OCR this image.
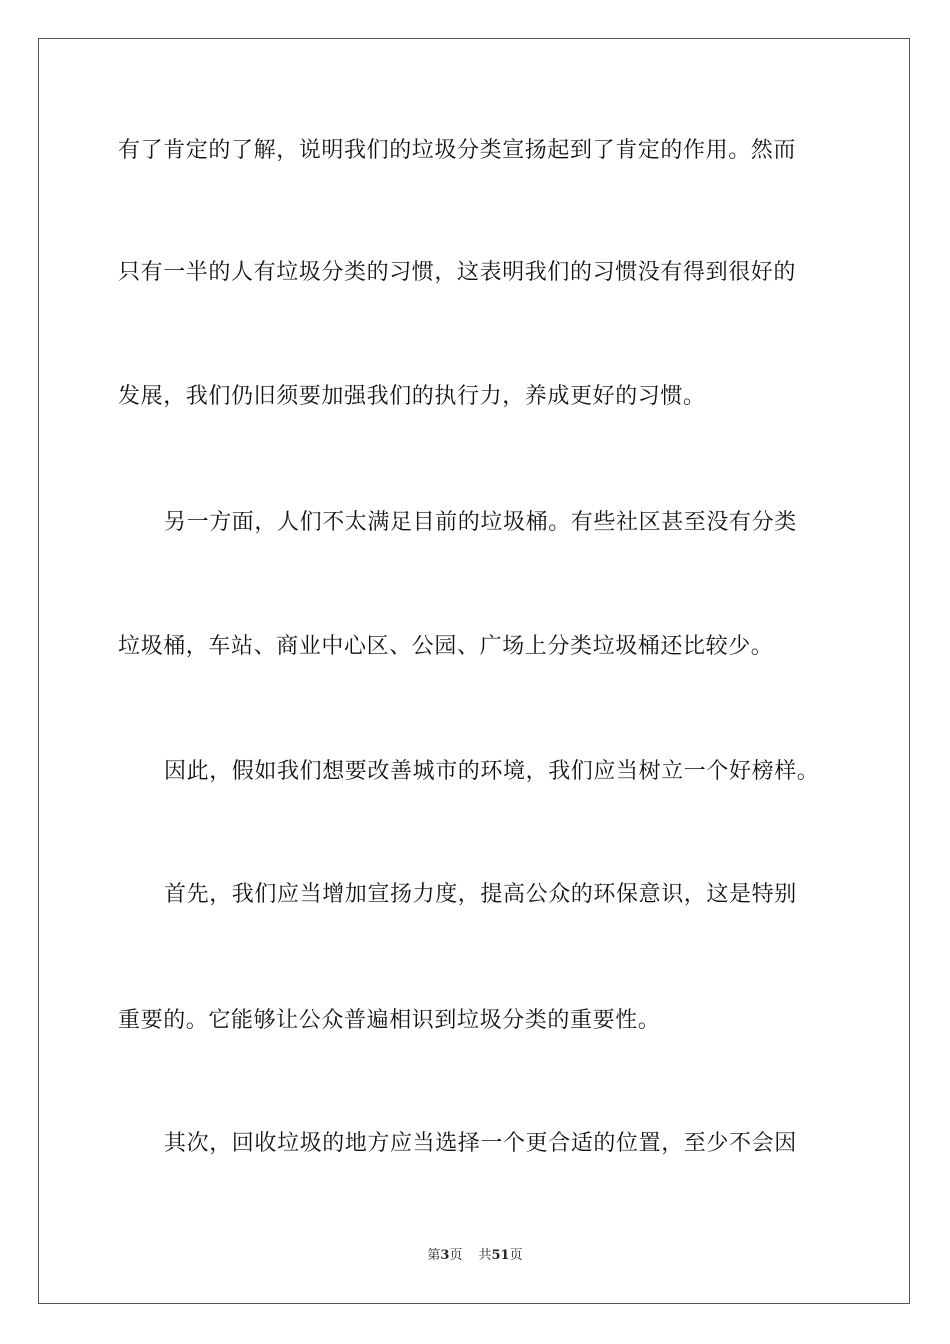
有了肯定的了解，说明我们的垃圾分类宣扬起到了肯定的作用。然而
只有一半的人有垃圾分类的习惯，这表明我们的习惯没有得到很好的
发展，我们仍旧须要加强我们的执行力，养成更好的习惯。
另一方面，人们不太满足目前的垃圾桶。有些社区甚至没有分类
垃圾桶，车站、商业中心区、公园、广场上分类垃圾桶还比较少。
因此，假如我们想要改善城市的环境，我们应当树立一个好榜样。
首先，我们应当增加宣扬力度，提高公众的环保意识，这是特别
重要的。它能够让公众普遍相识到垃圾分类的重要性。
其次，回收垃圾的地方应当选择一个更合适的位置，至少不会因
第3页 共51页
